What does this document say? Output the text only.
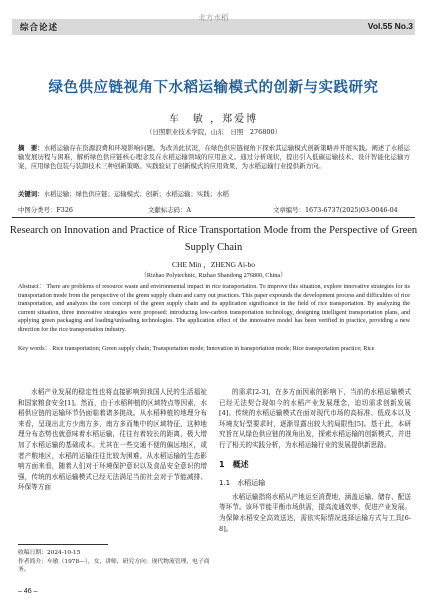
综合论述
北方水稻
Vol.55 No.3
绿色供应链视角下水稻运输模式的创新与实践研究
车　敏 ，郑爱博
（日照职业技术学院，山东　日照　276800）
摘　要：水稻运输存在资源浪费和环境影响问题。为改善此状况，在绿色供应链视角下探索其运输模式创新策略并开展实践。阐述了水稻运输发展历程与困难，解析绿色供应链核心理念及在水稻运输领域的应用意义。通过分析现状，提出引入低碳运输技术、设计智能化运输方案、应用绿色包装与装卸技术三种创新策略。实践验证了创新模式的应用效果，为水稻运输行业提供新方向。
关键词：水稻运输；绿色供应链；运输模式；创新；水稻运输；实践；水稻
中图分类号：F326	文献标志码：A	文章编号：1673-6737(2025)03-0046-04
Research on Innovation and Practice of Rice Transportation Mode from the Perspective of Green Supply Chain
CHE Min ，ZHENG Ai-bo
（Rizhao Polytechnic, Rizhao Shandong 276800, China）
Abstract： There are problems of resource waste and environmental impact in rice transportation. To improve this situation, explore innovative strategies for its transportation mode from the perspective of the green supply chain and carry out practices. This paper expounds the development process and difficulties of rice transportation, and analyzes the core concept of the green supply chain and its application significance in the field of rice transportation. By analyzing the current situation, three innovative strategies were proposed: introducing low-carbon transportation technology, designing intelligent transportation plans, and applying green packaging and loading/unloading technologies. The application effect of the innovative model has been verified in practice, providing a new direction for the rice transportation industry.
Key words： Rice transportation; Green supply chain; Transportation mode; Innovation in transportation mode; Rice transportation practice; Rice

水稻产业发展的稳定性也将直接影响到我国人民的生活福祉和国家粮食安全[1]。然而，由于水稻种植的区域特点等因素，水稻供应链的运输环节仍面临着诸多挑战。从水稻种植的地理分布来看，呈现出北方少南方多，南方多而集中的区域特征，这种地理分布态势也就意味着水稻运输，往往有着较长的距离，极大增加了水稻运输的基础成本。尤其在一些交通不便的偏远地区，或者产粮地区，水稻的运输往往比较为困难。从水稻运输的生态影响方面来看，随着人们对于环境保护意识以及食品安全意识的增强，传统的水稻运输模式已经无法满足当前社会对于节能减排、环保等方面

收稿日期：2024-10-15
作者简介：车敏（1978—），女，讲师，研究方向：现代物流管理、电子商务。
– 46 –

的需求[2-3]，在多方面因素的影响下，当前的水稻运输模式已经无法契合现如今的水稻产业发展理念，迫切需求创新发展[4]。传统的水稻运输模式在面对现代市场的高标准、低成本以及环境友好型要求时，逐渐显露出较大的局限性[5]。基于此，本研究旨在从绿色供应链的视角出发，探索水稻运输的创新模式，并进行了相关的实践分析，为水稻运输行业的发展提供新思路。

1　概述
1.1　水稻运输

水稻运输指将水稻从产地运至消费地，涵盖运输、储存、配送等环节。该环节能平衡市场供需，提高流通效率，促进产业发展。为保障水稻安全高效送达，需依实际情况选择运输方式与工具[6-8]。
